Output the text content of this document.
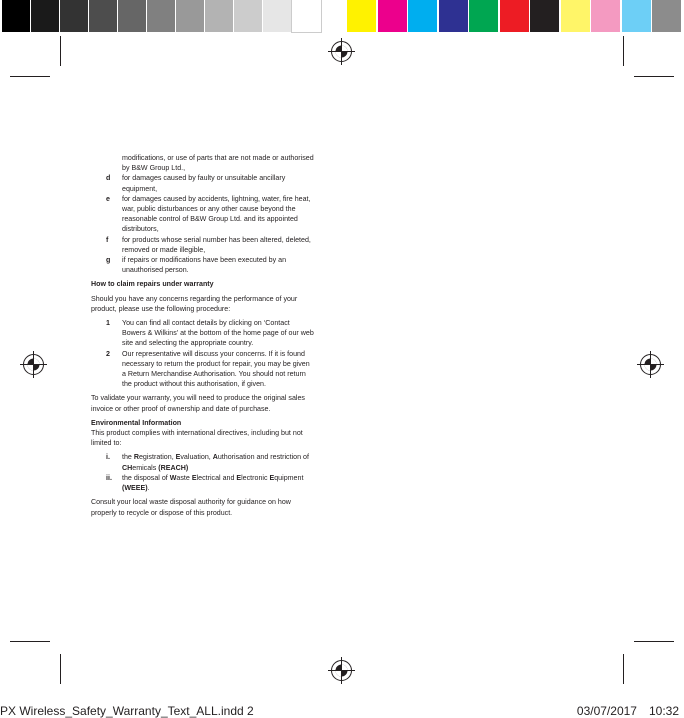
modifications, or use of parts that are not made or authorised by B&W Group Ltd.,

d for damages caused by faulty or unsuitable ancillary equipment,

e for damages caused by accidents, lightning, water, fire heat, war, public disturbances or any other cause beyond the reasonable control of B&W Group Ltd. and its appointed distributors,

f for products whose serial number has been altered, deleted, removed or made illegible,

g if repairs or modifications have been executed by an unauthorised person.

How to claim repairs under warranty

Should you have any concerns regarding the performance of your product, please use the following procedure:

1 You can find all contact details by clicking on ‘Contact Bowers & Wilkins’ at the bottom of the home page of our web site and selecting the appropriate country.

2 Our representative will discuss your concerns. If it is found necessary to return the product for repair, you may be given a Return Merchandise Authorisation. You should not return the product without this authorisation, if given.

To validate your warranty, you will need to produce the original sales invoice or other proof of ownership and date of purchase.

Environmental Information

This product complies with international directives, including but not limited to:

i. the Registration, Evaluation, Authorisation and restriction of CHemicals (REACH)

ii. the disposal of Waste Electrical and Electronic Equipment (WEEE).

Consult your local waste disposal authority for guidance on how properly to recycle or dispose of this product.

PX Wireless_Safety_Warranty_Text_ALL.indd 2	03/07/2017 10:32
